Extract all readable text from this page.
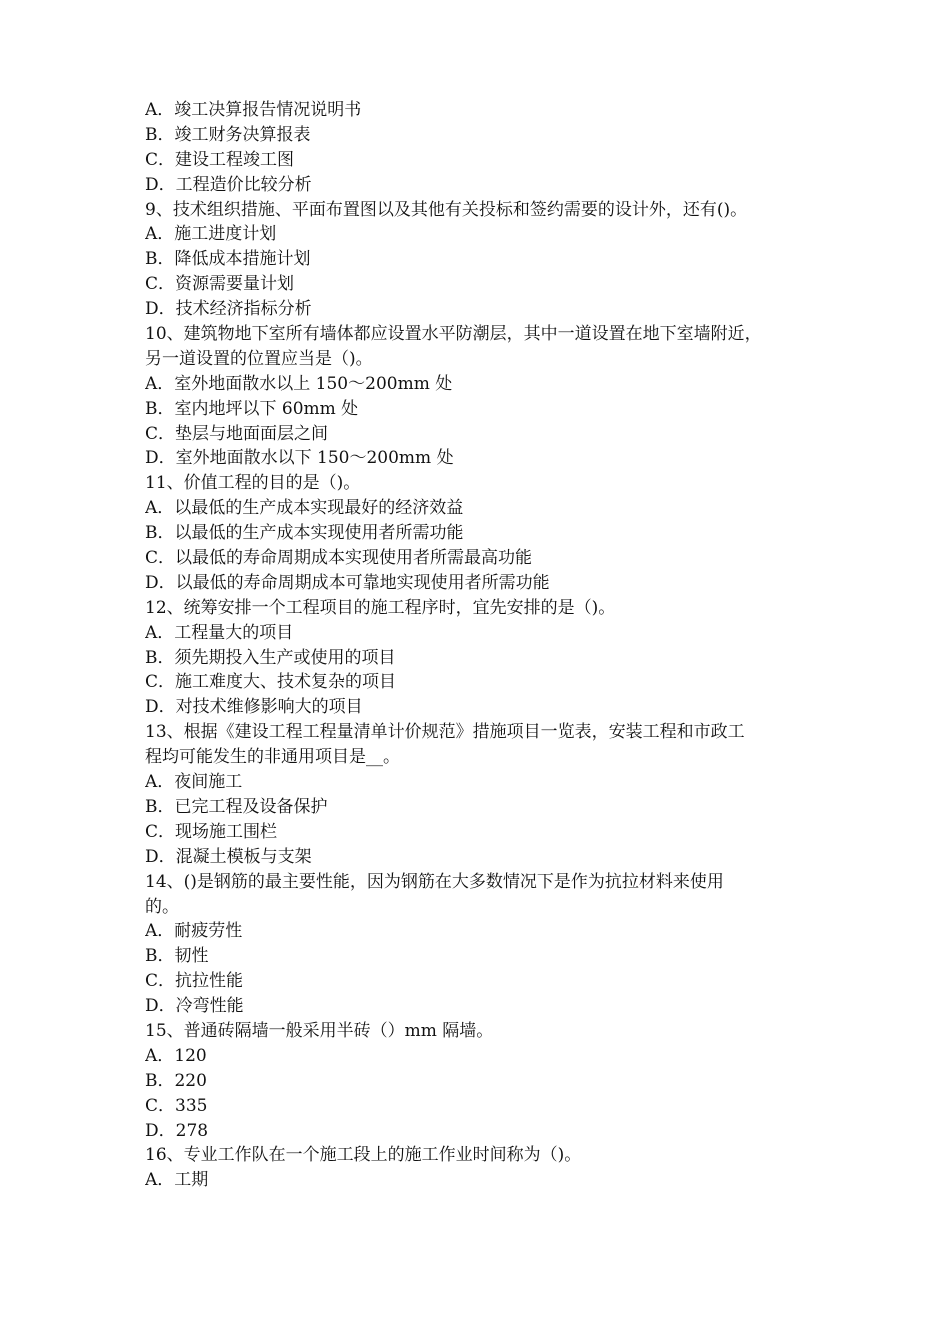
A．竣工决算报告情况说明书
B．竣工财务决算报表
C．建设工程竣工图
D．工程造价比较分析
9、技术组织措施、平面布置图以及其他有关投标和签约需要的设计外，还有()。
A．施工进度计划
B．降低成本措施计划
C．资源需要量计划
D．技术经济指标分析
10、建筑物地下室所有墙体都应设置水平防潮层，其中一道设置在地下室墙附近，
另一道设置的位置应当是（)。
A．室外地面散水以上 150～200mm 处
B．室内地坪以下 60mm 处
C．垫层与地面面层之间
D．室外地面散水以下 150～200mm 处
11、价值工程的目的是（)。
A．以最低的生产成本实现最好的经济效益
B．以最低的生产成本实现使用者所需功能
C．以最低的寿命周期成本实现使用者所需最高功能
D．以最低的寿命周期成本可靠地实现使用者所需功能
12、统筹安排一个工程项目的施工程序时，宜先安排的是（)。
A．工程量大的项目
B．须先期投入生产或使用的项目
C．施工难度大、技术复杂的项目
D．对技术维修影响大的项目
13、根据《建设工程工程量清单计价规范》措施项目一览表，安装工程和市政工
程均可能发生的非通用项目是__。
A．夜间施工
B．已完工程及设备保护
C．现场施工围栏
D．混凝土模板与支架
14、()是钢筋的最主要性能，因为钢筋在大多数情况下是作为抗拉材料来使用
的。
A．耐疲劳性
B．韧性
C．抗拉性能
D．冷弯性能
15、普通砖隔墙一般采用半砖（）mm 隔墙。
A．120
B．220
C．335
D．278
16、专业工作队在一个施工段上的施工作业时间称为（)。
A．工期
